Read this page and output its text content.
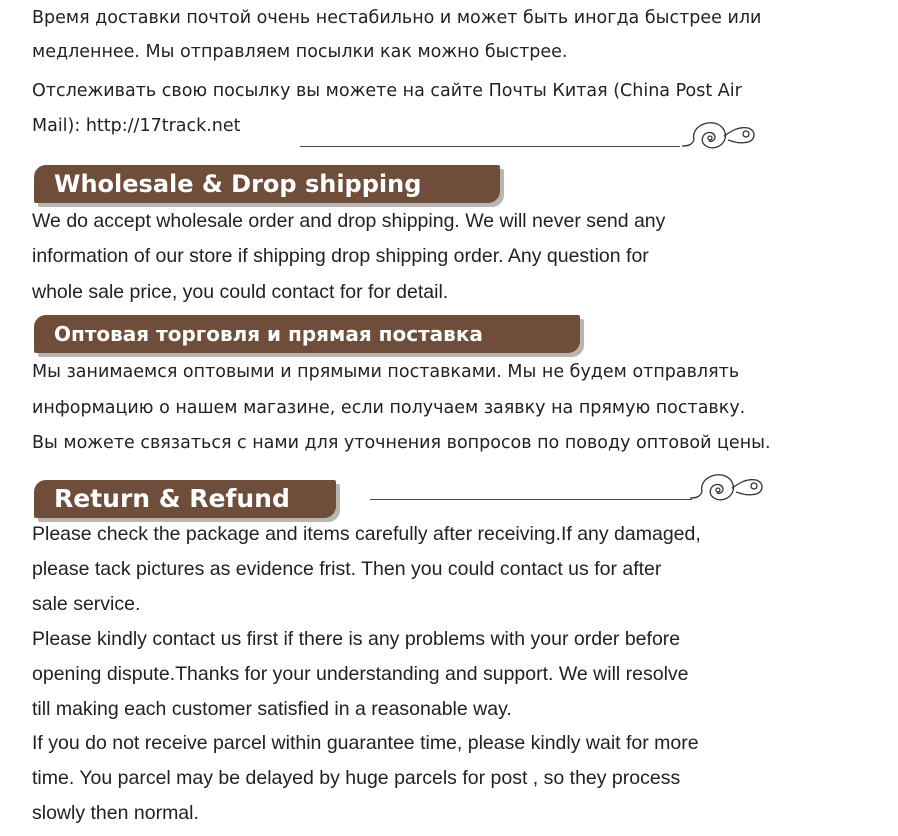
Время доставки почтой очень нестабильно и может быть иногда быстрее или
медленнее. Мы отправляем посылки как можно быстрее.
Отслеживать свою посылку вы можете на сайте Почты Китая (China Post Air
Mail): http://17track.net
Wholesale & Drop shipping
We do accept wholesale order and drop shipping. We will never send any
information of our store if shipping drop shipping order. Any question for
whole sale price, you could contact for for detail.
Оптовая торговля и прямая поставка
Мы занимаемся оптовыми и прямыми поставками. Мы не будем отправлять
информацию о нашем магазине, если получаем заявку на прямую поставку.
Вы можете связаться с нами для уточнения вопросов по поводу оптовой цены.
Return & Refund
Please check the package and items carefully after receiving.If any damaged,
please tack pictures as evidence frist. Then you could contact us for after
sale service.
Please kindly contact us first if there is any problems with your order before
opening dispute.Thanks for your understanding and support. We will resolve
till making each customer satisfied in a reasonable way.
If you do not receive parcel within guarantee time, please kindly wait for more
time. You parcel may be delayed by huge parcels for post , so they process
slowly then normal.
